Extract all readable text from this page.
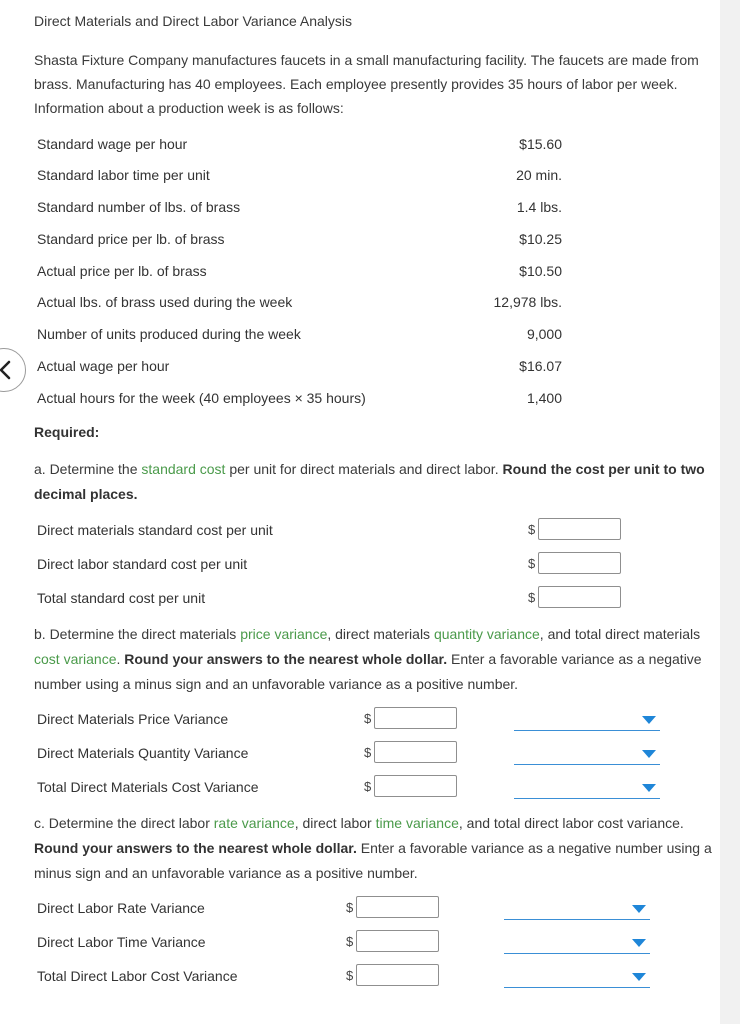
Direct Materials and Direct Labor Variance Analysis
Shasta Fixture Company manufactures faucets in a small manufacturing facility. The faucets are made from brass. Manufacturing has 40 employees. Each employee presently provides 35 hours of labor per week. Information about a production week is as follows:
Standard wage per hour	$15.60
Standard labor time per unit	20 min.
Standard number of lbs. of brass	1.4 lbs.
Standard price per lb. of brass	$10.25
Actual price per lb. of brass	$10.50
Actual lbs. of brass used during the week	12,978 lbs.
Number of units produced during the week	9,000
Actual wage per hour	$16.07
Actual hours for the week (40 employees × 35 hours)	1,400
Required:
a. Determine the standard cost per unit for direct materials and direct labor. Round the cost per unit to two decimal places.
Direct materials standard cost per unit	$
Direct labor standard cost per unit	$
Total standard cost per unit	$
b. Determine the direct materials price variance, direct materials quantity variance, and total direct materials cost variance. Round your answers to the nearest whole dollar. Enter a favorable variance as a negative number using a minus sign and an unfavorable variance as a positive number.
Direct Materials Price Variance	$
Direct Materials Quantity Variance	$
Total Direct Materials Cost Variance	$
c. Determine the direct labor rate variance, direct labor time variance, and total direct labor cost variance. Round your answers to the nearest whole dollar. Enter a favorable variance as a negative number using a minus sign and an unfavorable variance as a positive number.
Direct Labor Rate Variance	$
Direct Labor Time Variance	$
Total Direct Labor Cost Variance	$
